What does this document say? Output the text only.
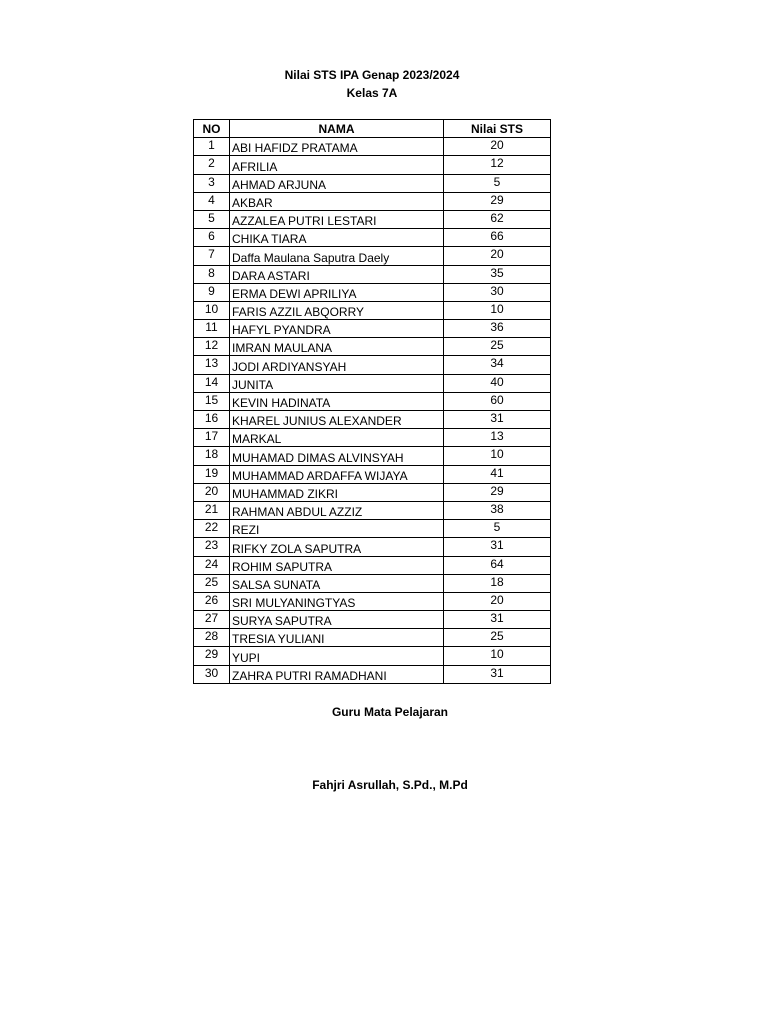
Nilai STS IPA Genap 2023/2024
Kelas 7A
NO	NAMA	Nilai STS
1	ABI HAFIDZ PRATAMA	20
2	AFRILIA	12
3	AHMAD ARJUNA	5
4	AKBAR	29
5	AZZALEA PUTRI LESTARI	62
6	CHIKA TIARA	66
7	Daffa Maulana Saputra Daely	20
8	DARA ASTARI	35
9	ERMA DEWI APRILIYA	30
10	FARIS AZZIL ABQORRY	10
11	HAFYL PYANDRA	36
12	IMRAN MAULANA	25
13	JODI ARDIYANSYAH	34
14	JUNITA	40
15	KEVIN HADINATA	60
16	KHAREL JUNIUS ALEXANDER	31
17	MARKAL	13
18	MUHAMAD DIMAS ALVINSYAH	10
19	MUHAMMAD ARDAFFA WIJAYA	41
20	MUHAMMAD ZIKRI	29
21	RAHMAN ABDUL AZZIZ	38
22	REZI	5
23	RIFKY ZOLA SAPUTRA	31
24	ROHIM SAPUTRA	64
25	SALSA SUNATA	18
26	SRI MULYANINGTYAS	20
27	SURYA SAPUTRA	31
28	TRESIA YULIANI	25
29	YUPI	10
30	ZAHRA PUTRI RAMADHANI	31
Guru Mata Pelajaran
Fahjri Asrullah, S.Pd., M.Pd
